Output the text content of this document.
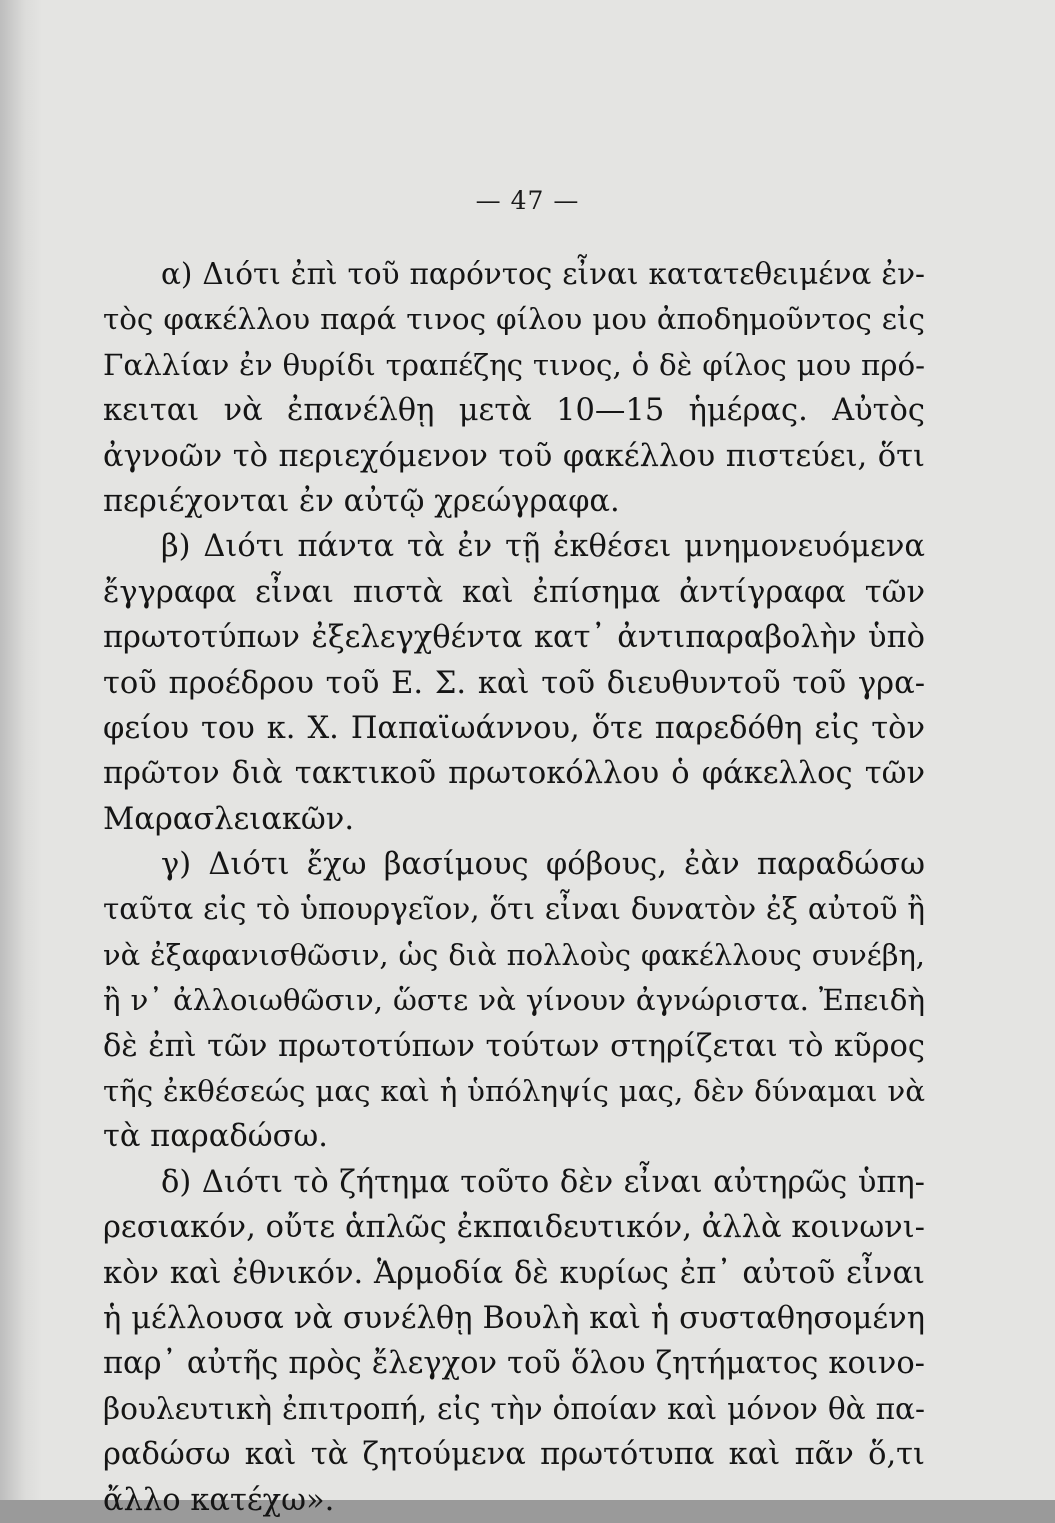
— 47 —
α) Διότι ἐπὶ τοῦ παρόντος εἶναι κατατεθειμένα ἐν-
τὸς φακέλλου παρά τινος φίλου μου ἀποδημοῦντος εἰς
Γαλλίαν ἐν θυρίδι τραπέζης τινος, ὁ δὲ φίλος μου πρό-
κειται νὰ ἐπανέλθῃ μετὰ 10—15 ἡμέρας. Αὐτὸς
ἀγνοῶν τὸ περιεχόμενον τοῦ φακέλλου πιστεύει, ὅτι
περιέχονται ἐν αὐτῷ χρεώγραφα.
β) Διότι πάντα τὰ ἐν τῇ ἐκθέσει μνημονευόμενα
ἔγγραφα εἶναι πιστὰ καὶ ἐπίσημα ἀντίγραφα τῶν
πρωτοτύπων ἐξελεγχθέντα κατ᾽ ἀντιπαραβολὴν ὑπὸ
τοῦ προέδρου τοῦ Ε. Σ. καὶ τοῦ διευθυντοῦ τοῦ γρα-
φείου του κ. Χ. Παπαϊωάννου, ὅτε παρεδόθη εἰς τὸν
πρῶτον διὰ τακτικοῦ πρωτοκόλλου ὁ φάκελλος τῶν
Μαρασλειακῶν.
γ) Διότι ἔχω βασίμους φόβους, ἐὰν παραδώσω
ταῦτα εἰς τὸ ὑπουργεῖον, ὅτι εἶναι δυνατὸν ἐξ αὐτοῦ ἢ
νὰ ἐξαφανισθῶσιν, ὡς διὰ πολλοὺς φακέλλους συνέβη,
ἢ ν᾽ ἀλλοιωθῶσιν, ὥστε νὰ γίνουν ἀγνώριστα. Ἐπειδὴ
δὲ ἐπὶ τῶν πρωτοτύπων τούτων στηρίζεται τὸ κῦρος
τῆς ἐκθέσεώς μας καὶ ἡ ὑπόληψίς μας, δὲν δύναμαι νὰ
τὰ παραδώσω.
δ) Διότι τὸ ζήτημα τοῦτο δὲν εἶναι αὐτηρῶς ὑπη-
ρεσιακόν, οὔτε ἁπλῶς ἐκπαιδευτικόν, ἀλλὰ κοινωνι-
κὸν καὶ ἐθνικόν. Ἁρμοδία δὲ κυρίως ἐπ᾽ αὐτοῦ εἶναι
ἡ μέλλουσα νὰ συνέλθῃ Βουλὴ καὶ ἡ συσταθησομένη
παρ᾽ αὐτῆς πρὸς ἔλεγχον τοῦ ὅλου ζητήματος κοινο-
βουλευτικὴ ἐπιτροπή, εἰς τὴν ὁποίαν καὶ μόνον θὰ πα-
ραδώσω καὶ τὰ ζητούμενα πρωτότυπα καὶ πᾶν ὅ,τι
ἄλλο κατέχω».
